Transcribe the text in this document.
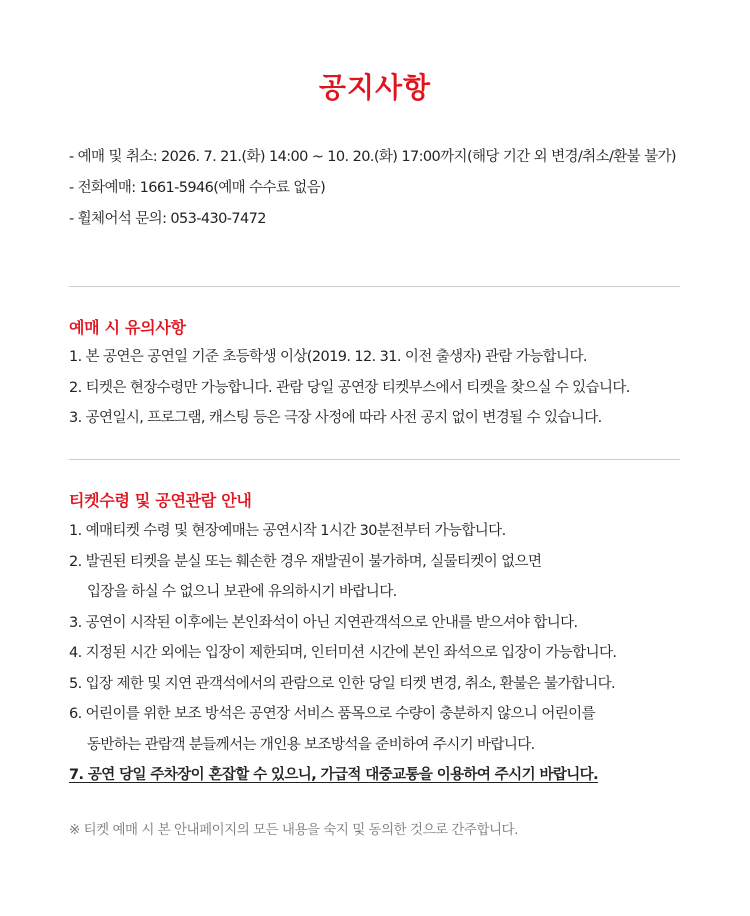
공지사항
- 예매 및 취소: 2026. 7. 21.(화) 14:00 ~ 10. 20.(화) 17:00까지(해당 기간 외 변경/취소/환불 불가)
- 전화예매: 1661-5946(예매 수수료 없음)
- 휠체어석 문의: 053-430-7472
예매 시 유의사항
1. 본 공연은 공연일 기준 초등학생 이상(2019. 12. 31. 이전 출생자) 관람 가능합니다.
2. 티켓은 현장수령만 가능합니다. 관람 당일 공연장 티켓부스에서 티켓을 찾으실 수 있습니다.
3. 공연일시, 프로그램, 캐스팅 등은 극장 사정에 따라 사전 공지 없이 변경될 수 있습니다.
티켓수령 및 공연관람 안내
1. 예매티켓 수령 및 현장예매는 공연시작 1시간 30분전부터 가능합니다.
2. 발권된 티켓을 분실 또는 훼손한 경우 재발권이 불가하며, 실물티켓이 없으면
입장을 하실 수 없으니 보관에 유의하시기 바랍니다.
3. 공연이 시작된 이후에는 본인좌석이 아닌 지연관객석으로 안내를 받으셔야 합니다.
4. 지정된 시간 외에는 입장이 제한되며, 인터미션 시간에 본인 좌석으로 입장이 가능합니다.
5. 입장 제한 및 지연 관객석에서의 관람으로 인한 당일 티켓 변경, 취소, 환불은 불가합니다.
6. 어린이를 위한 보조 방석은 공연장 서비스 품목으로 수량이 충분하지 않으니 어린이를
동반하는 관람객 분들께서는 개인용 보조방석을 준비하여 주시기 바랍니다.
7. 공연 당일 주차장이 혼잡할 수 있으니, 가급적 대중교통을 이용하여 주시기 바랍니다.
※ 티켓 예매 시 본 안내페이지의 모든 내용을 숙지 및 동의한 것으로 간주합니다.
